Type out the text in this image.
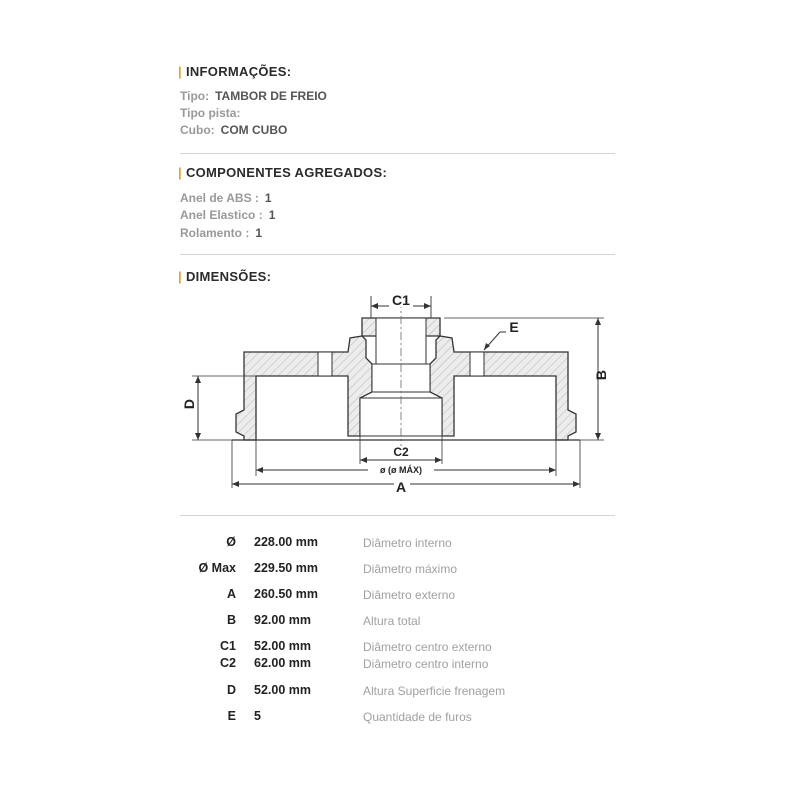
| INFORMAÇÕES:
Tipo: TAMBOR DE FREIO
Tipo pista:
Cubo: COM CUBO
| COMPONENTES AGREGADOS:
Anel de ABS : 1
Anel Elastico : 1
Rolamento : 1
| DIMENSÕES:
C1
E
B
D
C2
ø (ø MÁX)
A
Ø 228.00 mm	Diâmetro interno
Ø Max 229.50 mm	Diâmetro máximo
A 260.50 mm	Diâmetro externo
B 92.00 mm	Altura total
C1 52.00 mm	Diâmetro centro externo
C2 62.00 mm	Diâmetro centro interno
D 52.00 mm	Altura Superficie frenagem
E 5	Quantidade de furos
